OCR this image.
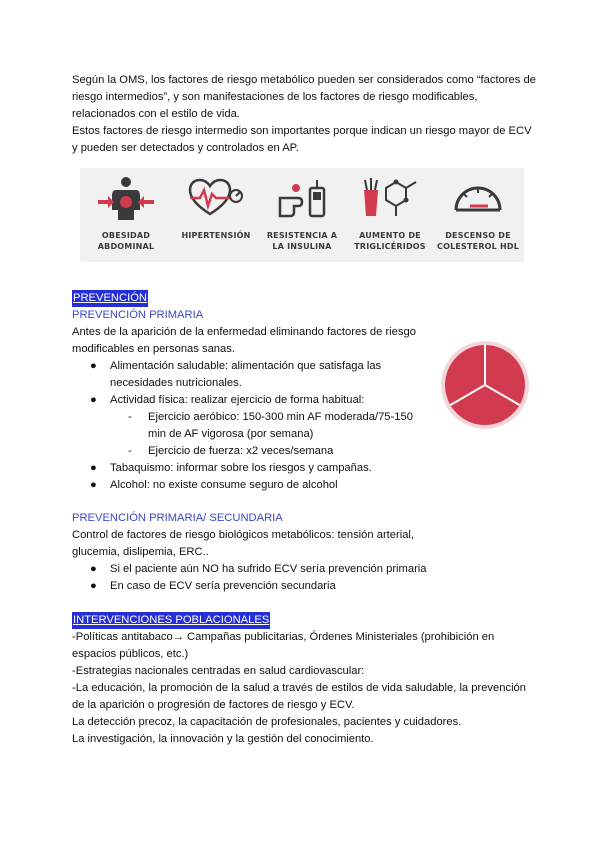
Según la OMS, los factores de riesgo metabólico pueden ser considerados como “factores de
riesgo intermedios”, y son manifestaciones de los factores de riesgo modificables,
relacionados con el estilo de vida.
Estos factores de riesgo intermedio son importantes porque indican un riesgo mayor de ECV
y pueden ser detectados y controlados en AP.
OBESIDAD
ABDOMINAL
HIPERTENSIÓN	RESISTENCIA A
LA INSULINA
AUMENTO DE
TRIGLICÉRIDOS
DESCENSO DE
COLESTEROL HDL
PREVENCIÓN
PREVENCIÓN PRIMARIA
Antes de la aparición de la enfermedad eliminando factores de riesgo
modificables en personas sanas.
● Alimentación saludable: alimentación que satisfaga las
necesidades nutricionales.
● Actividad física: realizar ejercicio de forma habitual:
- Ejercicio aeróbico: 150-300 min AF moderada/75-150
min de AF vigorosa (por semana)
- Ejercicio de fuerza: x2 veces/semana
● Tabaquismo: informar sobre los riesgos y campañas.
● Alcohol: no existe consume seguro de alcohol
PREVENCIÓN PRIMARIA/ SECUNDARIA
Control de factores de riesgo biológicos metabólicos: tensión arterial,
glucemia, dislipemia, ERC..
● Si el paciente aún NO ha sufrido ECV sería prevención primaria
● En caso de ECV sería prevención secundaria
INTERVENCIONES POBLACIONALES
-Políticas antitabaco→ Campañas publicitarias, Órdenes Ministeriales (prohibición en
espacios públicos, etc.)
-Estrategias nacionales centradas en salud cardiovascular:
-La educación, la promoción de la salud a través de estilos de vida saludable, la prevención
de la aparición o progresión de factores de riesgo y ECV.
La detección precoz, la capacitación de profesionales, pacientes y cuidadores.
La investigación, la innovación y la gestión del conocimiento.
